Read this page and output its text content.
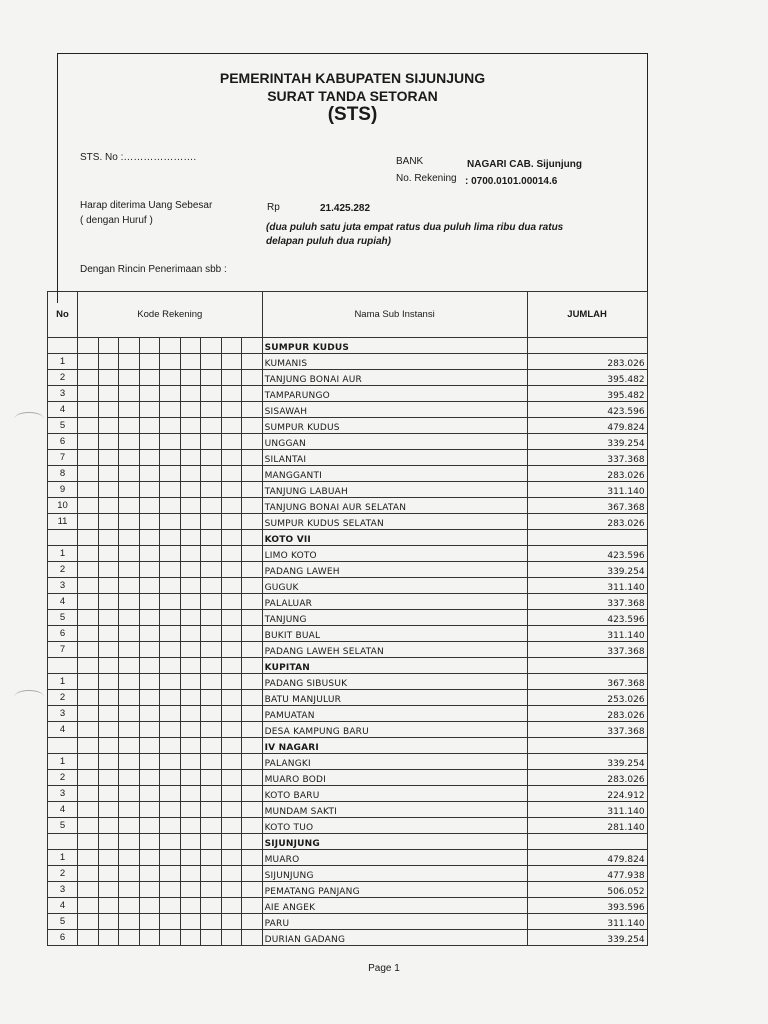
PEMERINTAH KABUPATEN SIJUNJUNG
SURAT TANDA SETORAN
(STS)
STS. No :………………….	BANK	NAGARI CAB. Sijunjung
No. Rekening : 0700.0101.00014.6
Harap diterima Uang Sebesar
( dengan Huruf )
Rp	21.425.282
(dua puluh satu juta empat ratus dua puluh lima ribu dua ratus
delapan puluh dua rupiah)
Dengan Rincin Penerimaan sbb :
No	Kode Rekening									Nama Sub Instansi	JUMLAH
										SUMPUR KUDUS	
1										KUMANIS	283.026
2										TANJUNG BONAI AUR	395.482
3										TAMPARUNGO	395.482
4										SISAWAH	423.596
5										SUMPUR KUDUS	479.824
6										UNGGAN	339.254
7										SILANTAI	337.368
8										MANGGANTI	283.026
9										TANJUNG LABUAH	311.140
10										TANJUNG BONAI AUR SELATAN	367.368
11										SUMPUR KUDUS SELATAN	283.026
										KOTO VII	
1										LIMO KOTO	423.596
2										PADANG LAWEH	339.254
3										GUGUK	311.140
4										PALALUAR	337.368
5										TANJUNG	423.596
6										BUKIT BUAL	311.140
7										PADANG LAWEH SELATAN	337.368
										KUPITAN	
1										PADANG SIBUSUK	367.368
2										BATU MANJULUR	253.026
3										PAMUATAN	283.026
4										DESA KAMPUNG BARU	337.368
										IV NAGARI	
1										PALANGKI	339.254
2										MUARO BODI	283.026
3										KOTO BARU	224.912
4										MUNDAM SAKTI	311.140
5										KOTO TUO	281.140
										SIJUNJUNG	
1										MUARO	479.824
2										SIJUNJUNG	477.938
3										PEMATANG PANJANG	506.052
4										AIE ANGEK	393.596
5										PARU	311.140
6										DURIAN GADANG	339.254
Page 1
